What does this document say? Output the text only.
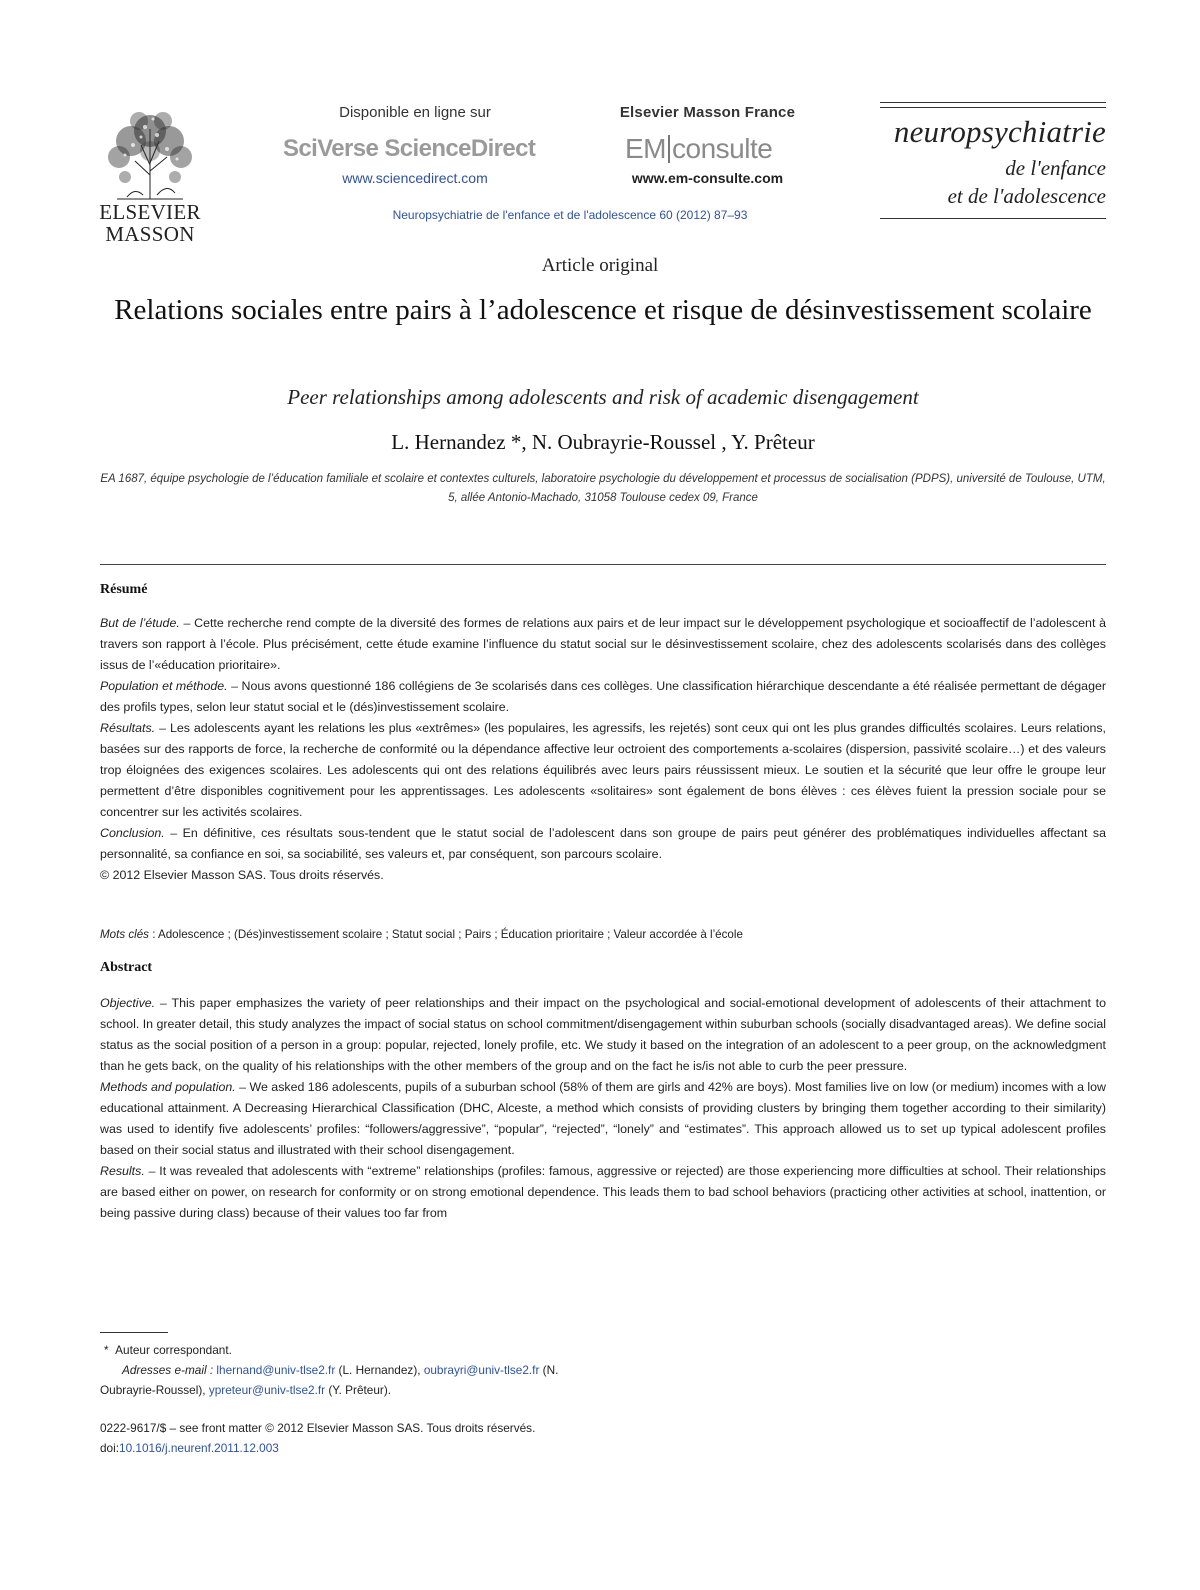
ELSEVIER
MASSON
Disponible en ligne sur
SciVerse ScienceDirect
www.sciencedirect.com
Elsevier Masson France
EM consulte
www.em-consulte.com
neuropsychiatrie
de l'enfance
et de l'adolescence
Neuropsychiatrie de l'enfance et de l'adolescence 60 (2012) 87–93
Article original
Relations sociales entre pairs à l’adolescence et risque de désinvestissement scolaire
Peer relationships among adolescents and risk of academic disengagement
L. Hernandez *, N. Oubrayrie-Roussel , Y. Prêteur
EA 1687, équipe psychologie de l’éducation familiale et scolaire et contextes culturels, laboratoire psychologie du développement et processus de socialisation (PDPS), université de Toulouse, UTM, 5, allée Antonio-Machado, 31058 Toulouse cedex 09, France
Résumé

But de l’étude. – Cette recherche rend compte de la diversité des formes de relations aux pairs et de leur impact sur le développement psychologique et socioaffectif de l’adolescent à travers son rapport à l’école. Plus précisément, cette étude examine l’influence du statut social sur le désinvestissement scolaire, chez des adolescents scolarisés dans des collèges issus de l’«éducation prioritaire».

Population et méthode. – Nous avons questionné 186 collégiens de 3e scolarisés dans ces collèges. Une classification hiérarchique descendante a été réalisée permettant de dégager des profils types, selon leur statut social et le (dés)investissement scolaire.

Résultats. – Les adolescents ayant les relations les plus «extrêmes» (les populaires, les agressifs, les rejetés) sont ceux qui ont les plus grandes difficultés scolaires. Leurs relations, basées sur des rapports de force, la recherche de conformité ou la dépendance affective leur octroient des comportements a-scolaires (dispersion, passivité scolaire…) et des valeurs trop éloignées des exigences scolaires. Les adolescents qui ont des relations équilibrés avec leurs pairs réussissent mieux. Le soutien et la sécurité que leur offre le groupe leur permettent d’être disponibles cognitivement pour les apprentissages. Les adolescents «solitaires» sont également de bons élèves : ces élèves fuient la pression sociale pour se concentrer sur les activités scolaires.

Conclusion. – En définitive, ces résultats sous-tendent que le statut social de l’adolescent dans son groupe de pairs peut générer des problématiques individuelles affectant sa personnalité, sa confiance en soi, sa sociabilité, ses valeurs et, par conséquent, son parcours scolaire.

© 2012 Elsevier Masson SAS. Tous droits réservés.

Mots clés : Adolescence ; (Dés)investissement scolaire ; Statut social ; Pairs ; Éducation prioritaire ; Valeur accordée à l’école
Abstract

Objective. – This paper emphasizes the variety of peer relationships and their impact on the psychological and social-emotional development of adolescents of their attachment to school. In greater detail, this study analyzes the impact of social status on school commitment/disengagement within suburban schools (socially disadvantaged areas). We define social status as the social position of a person in a group: popular, rejected, lonely profile, etc. We study it based on the integration of an adolescent to a peer group, on the acknowledgment than he gets back, on the quality of his relationships with the other members of the group and on the fact he is/is not able to curb the peer pressure.

Methods and population. – We asked 186 adolescents, pupils of a suburban school (58% of them are girls and 42% are boys). Most families live on low (or medium) incomes with a low educational attainment. A Decreasing Hierarchical Classification (DHC, Alceste, a method which consists of providing clusters by bringing them together according to their similarity) was used to identify five adolescents’ profiles: “followers/aggressive”, “popular”, “rejected”, “lonely” and “estimates”. This approach allowed us to set up typical adolescent profiles based on their social status and illustrated with their school disengagement.

Results. – It was revealed that adolescents with “extreme” relationships (profiles: famous, aggressive or rejected) are those experiencing more difficulties at school. Their relationships are based either on power, on research for conformity or on strong emotional dependence. This leads them to bad school behaviors (practicing other activities at school, inattention, or being passive during class) because of their values too far from

* Auteur correspondant.
Adresses e-mail : lhernand@univ-tlse2.fr (L. Hernandez), oubrayri@univ-tlse2.fr (N. Oubrayrie-Roussel), ypreteur@univ-tlse2.fr (Y. Prêteur).
0222-9617/$ – see front matter © 2012 Elsevier Masson SAS. Tous droits réservés.
doi:10.1016/j.neurenf.2011.12.003
